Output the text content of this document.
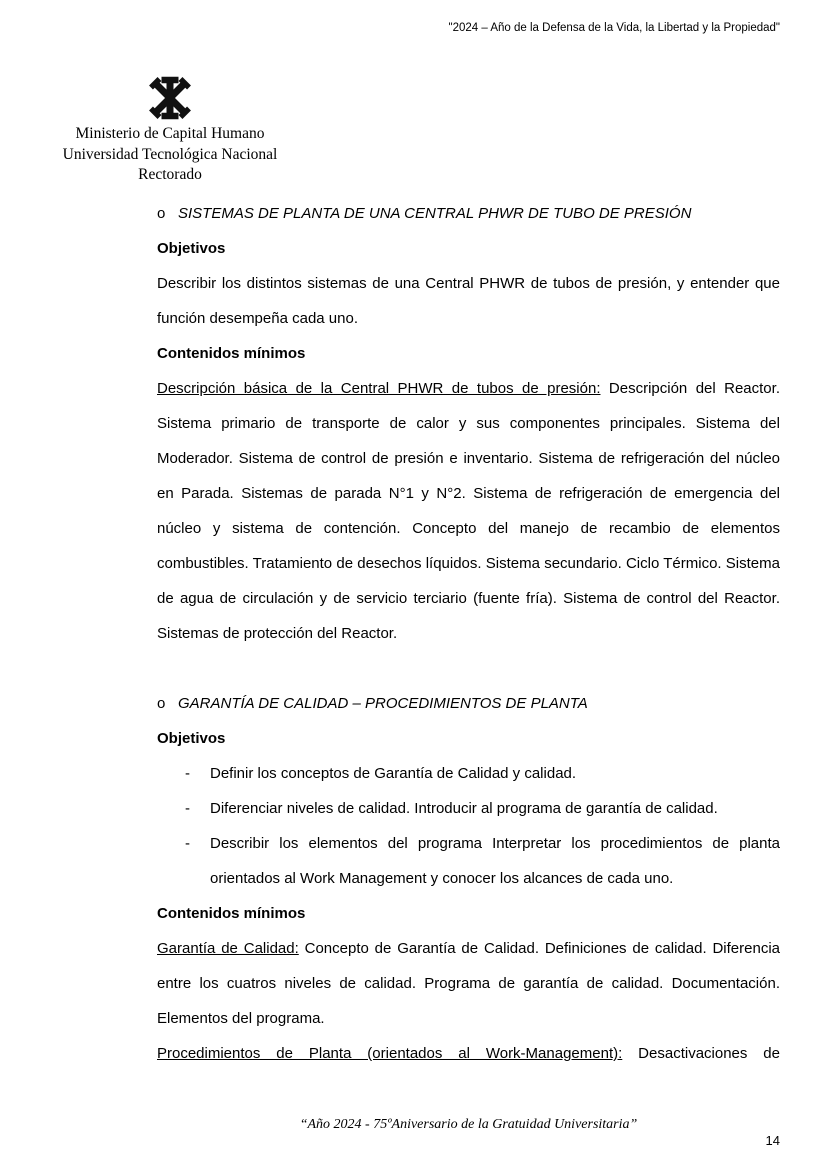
"2024 – Año de la Defensa de la Vida, la Libertad y la Propiedad"
Ministerio de Capital Humano
Universidad Tecnológica Nacional
Rectorado
o SISTEMAS DE PLANTA DE UNA CENTRAL PHWR DE TUBO DE PRESIÓN
Objetivos

Describir los distintos sistemas de una Central PHWR de tubos de presión, y entender que función desempeña cada uno.

Contenidos mínimos

Descripción básica de la Central PHWR de tubos de presión: Descripción del Reactor. Sistema primario de transporte de calor y sus componentes principales. Sistema del Moderador. Sistema de control de presión e inventario. Sistema de refrigeración del núcleo en Parada. Sistemas de parada N°1 y N°2. Sistema de refrigeración de emergencia del núcleo y sistema de contención. Concepto del manejo de recambio de elementos combustibles. Tratamiento de desechos líquidos. Sistema secundario. Ciclo Térmico. Sistema de agua de circulación y de servicio terciario (fuente fría). Sistema de control del Reactor. Sistemas de protección del Reactor.

o GARANTÍA DE CALIDAD – PROCEDIMIENTOS DE PLANTA
Objetivos
-	Definir los conceptos de Garantía de Calidad y calidad.
-	Diferenciar niveles de calidad. Introducir al programa de garantía de calidad.
-	Describir los elementos del programa Interpretar los procedimientos de planta orientados al Work Management y conocer los alcances de cada uno.
Contenidos mínimos

Garantía de Calidad: Concepto de Garantía de Calidad. Definiciones de calidad. Diferencia entre los cuatros niveles de calidad. Programa de garantía de calidad. Documentación. Elementos del programa.

Procedimientos de Planta (orientados al Work-Management): Desactivaciones de

“Año 2024 - 75ºAniversario de la Gratuidad Universitaria”
14
